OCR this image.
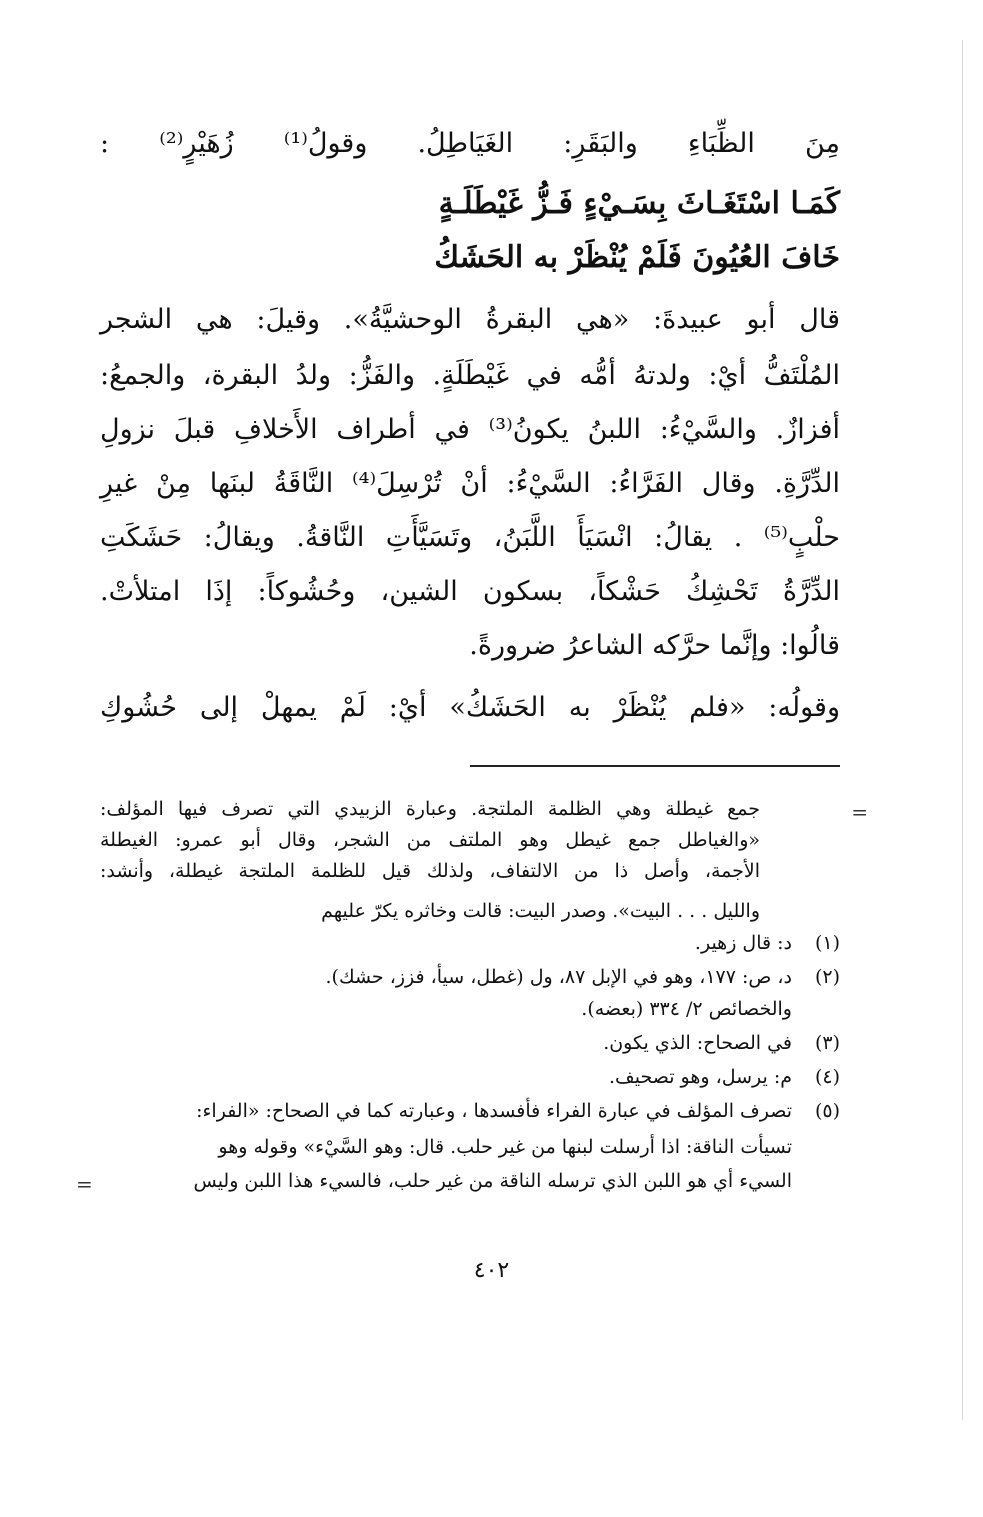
مِنَ الظِّبَاءِ والبَقَرِ: الغَيَاطِلُ. وقولُ⁽¹⁾ زُهَيْرٍ⁽²⁾ :
كَمَـا اسْتَغَـاثَ بِسَـيْءٍ فَـزُّ غَيْطَلَـةٍ
خَافَ العُيُونَ فَلَمْ يُنْظَرْ به الحَشَكُ
قال أبو عبيدةَ: «هي البقرةُ الوحشيَّةُ». وقيلَ: هي الشجر
المُلْتَفُّ أيْ: ولدتهُ أمُّه في غَيْطَلَةٍ. والفَزُّ: ولدُ البقرة، والجمعُ:
أفزازٌ. والسَّيْءُ: اللبنُ يكونُ⁽³⁾ في أطراف الأَخلافِ قبلَ نزولِ
الدِّرَّةِ. وقال الفَرَّاءُ: السَّيْءُ: أنْ تُرْسِلَ⁽⁴⁾ النَّاقَةُ لبنَها مِنْ غيرِ
حلْبٍ⁽⁵⁾ . يقالُ: انْسَيَأَ اللَّبَنُ، وتَسَيَّأَتِ النَّاقةُ. ويقالُ: حَشَكَتِ
الدِّرَّةُ تَحْشِكُ حَشْكاً، بسكون الشين، وحُشُوكاً: إذَا امتلأتْ.
قالُوا: وإنَّما حرَّكه الشاعرُ ضرورةً.
وقولُه: «فلم يُنْظَرْ به الحَشَكُ» أيْ: لَمْ يمهلْ إلى حُشُوكِ
=
جمع غيطلة وهي الظلمة الملتجة. وعبارة الزبيدي التي تصرف فيها المؤلف:
«والغياطل جمع غيطل وهو الملتف من الشجر، وقال أبو عمرو: الغيطلة
الأجمة، وأصل ذا من الالتفاف، ولذلك قيل للظلمة الملتجة غيطلة، وأنشد:
والليل . . . البيت». وصدر البيت: قالت وخاثره يكرّ عليهم
(١)د: قال زهير.
(٢)د، ص: ١٧٧، وهو في الإبل ٨٧، ول (غطل، سيأ، فزز، حشك).
والخصائص ٢/ ٣٣٤ (بعضه).
(٣)في الصحاح: الذي يكون.
(٤)م: يرسل، وهو تصحيف.
(٥)تصرف المؤلف في عبارة الفراء فأفسدها ، وعبارته كما في الصحاح: «الفراء:
تسيأت الناقة: اذا أرسلت لبنها من غير حلب. قال: وهو السَّيْء» وقوله وهو
السيء أي هو اللبن الذي ترسله الناقة من غير حلب، فالسيء هذا اللبن وليس
=
٤٠٢
